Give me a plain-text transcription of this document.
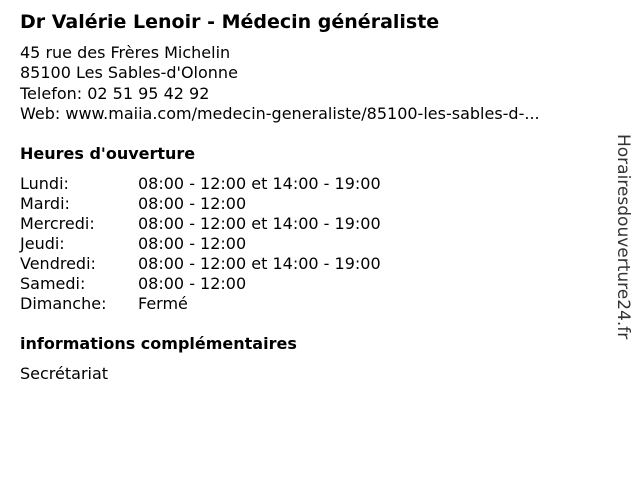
Dr Valérie Lenoir - Médecin généraliste
45 rue des Frères Michelin
85100 Les Sables-d'Olonne
Telefon: 02 51 95 42 92
Web: www.maiia.com/medecin-generaliste/85100-les-sables-d-...
Heures d'ouverture
Lundi:	08:00 - 12:00 et 14:00 - 19:00
Mardi:	08:00 - 12:00
Mercredi:	08:00 - 12:00 et 14:00 - 19:00
Jeudi:	08:00 - 12:00
Vendredi:	08:00 - 12:00 et 14:00 - 19:00
Samedi:	08:00 - 12:00
Dimanche:	Fermé
informations complémentaires
Secrétariat
Horairesdouverture24.fr
